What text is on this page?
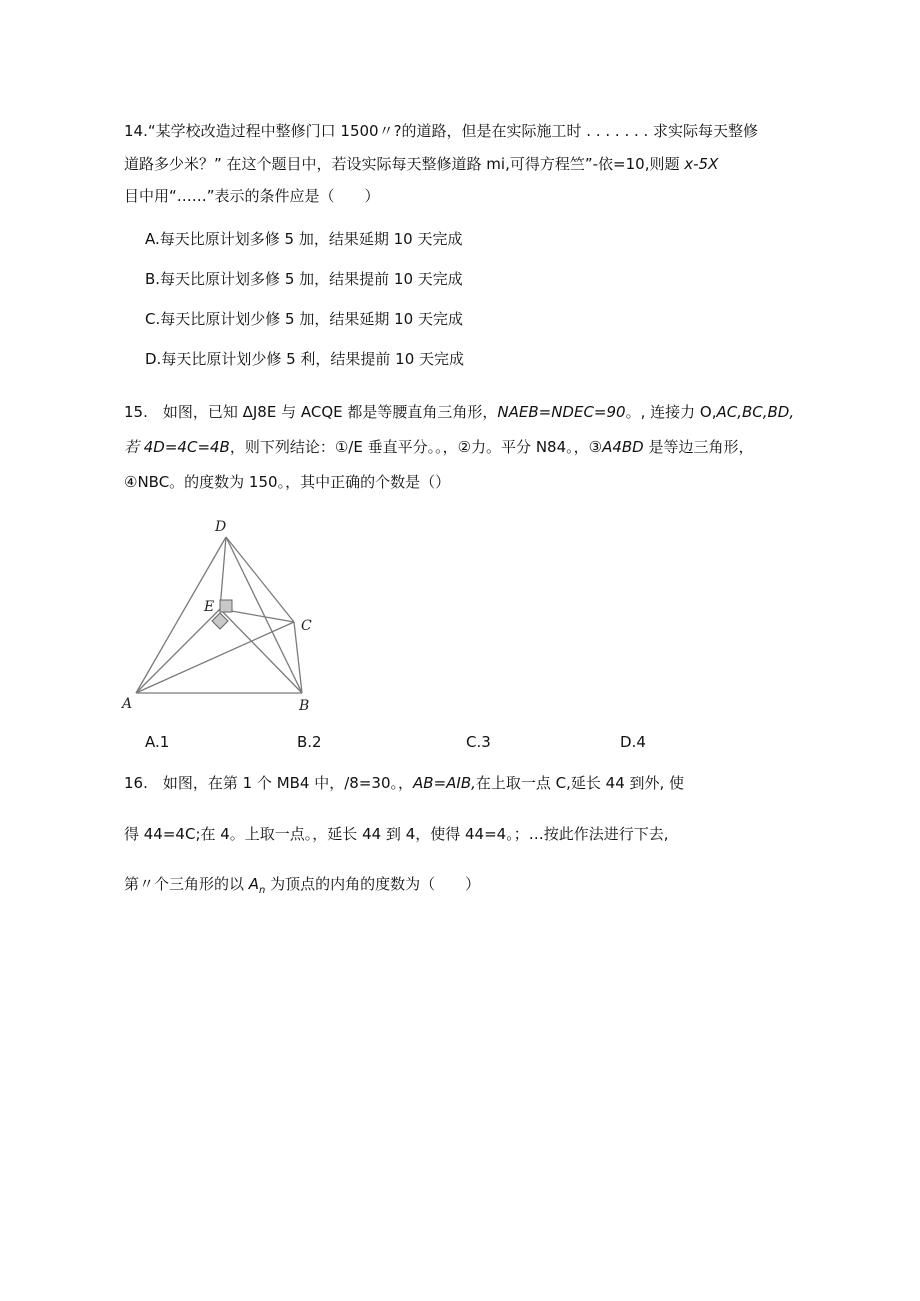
14.“某学校改造过程中整修门口 1500〃?的道路，但是在实际施工时 . . . . . . . 求实际每天整修
道路多少米？” 在这个题目中，若设实际每天整修道路 mi,可得方程竺”-依=10,则题 x-5X
目中用“……”表示的条件应是（　　）
A.每天比原计划多修 5 加，结果延期 10 天完成
B.每天比原计划多修 5 加，结果提前 10 天完成
C.每天比原计划少修 5 加，结果延期 10 天完成
D.每天比原计划少修 5 利，结果提前 10 天完成
15.　如图，已知 ΔJ8E 与 ACQE 都是等腰直角三角形，NAEB=NDEC=90。, 连接力 O,AC,BC,BD,
若 4D=4C=4B，则下列结论：①/E 垂直平分。。，②力。平分 N84。，③A4BD 是等边三角形，
④NBC。的度数为 150。，其中正确的个数是（）
D
E
C
A	B
A.1	B.2	C.3	D.4
16.　如图，在第 1 个 MB4 中，/8=30。，AB=AIB,在上取一点 C,延长 44 到外, 使
得 44=4C;在 4。上取一点。，延长 44 到 4，使得 44=4。；…按此作法进行下去,
第〃个三角形的以 $A_n$ 为顶点的内角的度数为（　　）
